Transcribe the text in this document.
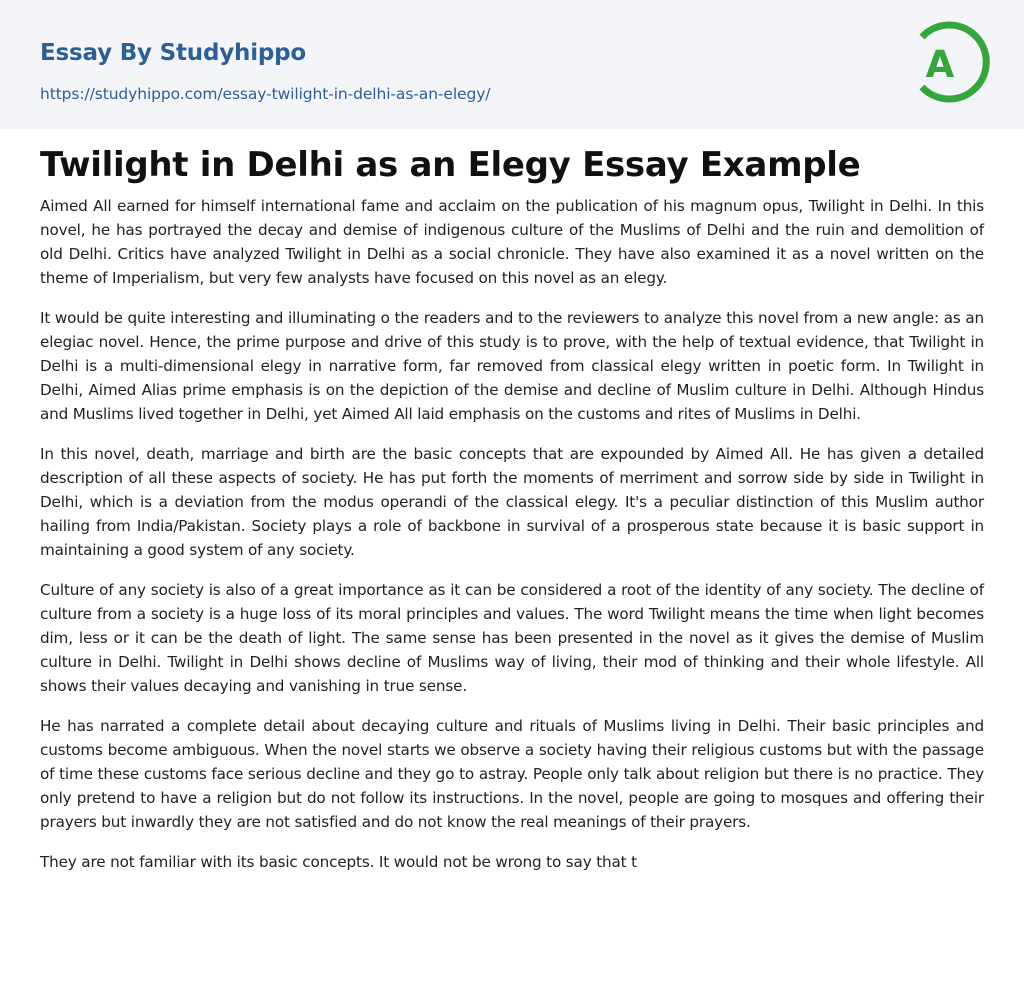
Essay By Studyhippo
https://studyhippo.com/essay-twilight-in-delhi-as-an-elegy/
A
Twilight in Delhi as an Elegy Essay Example

Aimed All earned for himself international fame and acclaim on the publication of his magnum opus, Twilight in Delhi. In this novel, he has portrayed the decay and demise of indigenous culture of the Muslims of Delhi and the ruin and demolition of old Delhi. Critics have analyzed Twilight in Delhi as a social chronicle. They have also examined it as a novel written on the theme of Imperialism, but very few analysts have focused on this novel as an elegy.

It would be quite interesting and illuminating o the readers and to the reviewers to analyze this novel from a new angle: as an elegiac novel. Hence, the prime purpose and drive of this study is to prove, with the help of textual evidence, that Twilight in Delhi is a multi-dimensional elegy in narrative form, far removed from classical elegy written in poetic form. In Twilight in Delhi, Aimed Alias prime emphasis is on the depiction of the demise and decline of Muslim culture in Delhi. Although Hindus and Muslims lived together in Delhi, yet Aimed All laid emphasis on the customs and rites of Muslims in Delhi.

In this novel, death, marriage and birth are the basic concepts that are expounded by Aimed All. He has given a detailed description of all these aspects of society. He has put forth the moments of merriment and sorrow side by side in Twilight in Delhi, which is a deviation from the modus operandi of the classical elegy. It's a peculiar distinction of this Muslim author hailing from India/Pakistan. Society plays a role of backbone in survival of a prosperous state because it is basic support in maintaining a good system of any society.

Culture of any society is also of a great importance as it can be considered a root of the identity of any society. The decline of culture from a society is a huge loss of its moral principles and values. The word Twilight means the time when light becomes dim, less or it can be the death of light. The same sense has been presented in the novel as it gives the demise of Muslim culture in Delhi. Twilight in Delhi shows decline of Muslims way of living, their mod of thinking and their whole lifestyle. All shows their values decaying and vanishing in true sense.

He has narrated a complete detail about decaying culture and rituals of Muslims living in Delhi. Their basic principles and customs become ambiguous. When the novel starts we observe a society having their religious customs but with the passage of time these customs face serious decline and they go to astray. People only talk about religion but there is no practice. They only pretend to have a religion but do not follow its instructions. In the novel, people are going to mosques and offering their prayers but inwardly they are not satisfied and do not know the real meanings of their prayers.

They are not familiar with its basic concepts. It would not be wrong to say that t
